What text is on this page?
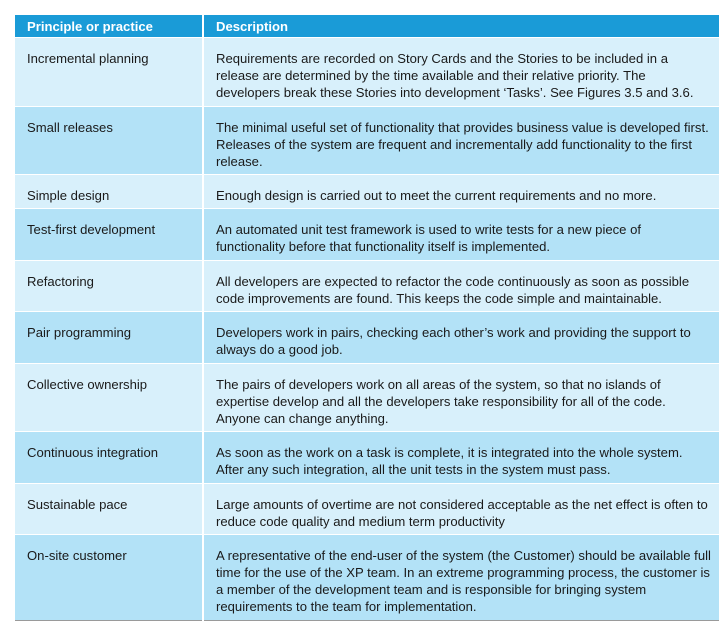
Principle or practice	Description
Incremental planning	Requirements are recorded on Story Cards and the Stories to be included in a release are determined by the time available and their relative priority. The developers break these Stories into development ‘Tasks’. See Figures 3.5 and 3.6.
Small releases	The minimal useful set of functionality that provides business value is developed first. Releases of the system are frequent and incrementally add functionality to the first release.
Simple design	Enough design is carried out to meet the current requirements and no more.
Test-first development	An automated unit test framework is used to write tests for a new piece of functionality before that functionality itself is implemented.
Refactoring	All developers are expected to refactor the code continuously as soon as possible code improvements are found. This keeps the code simple and maintainable.
Pair programming	Developers work in pairs, checking each other’s work and providing the support to always do a good job.
Collective ownership	The pairs of developers work on all areas of the system, so that no islands of expertise develop and all the developers take responsibility for all of the code. Anyone can change anything.
Continuous integration	As soon as the work on a task is complete, it is integrated into the whole system. After any such integration, all the unit tests in the system must pass.
Sustainable pace	Large amounts of overtime are not considered acceptable as the net effect is often to reduce code quality and medium term productivity
On-site customer	A representative of the end-user of the system (the Customer) should be available full time for the use of the XP team. In an extreme programming process, the customer is a member of the development team and is responsible for bringing system requirements to the team for implementation.
